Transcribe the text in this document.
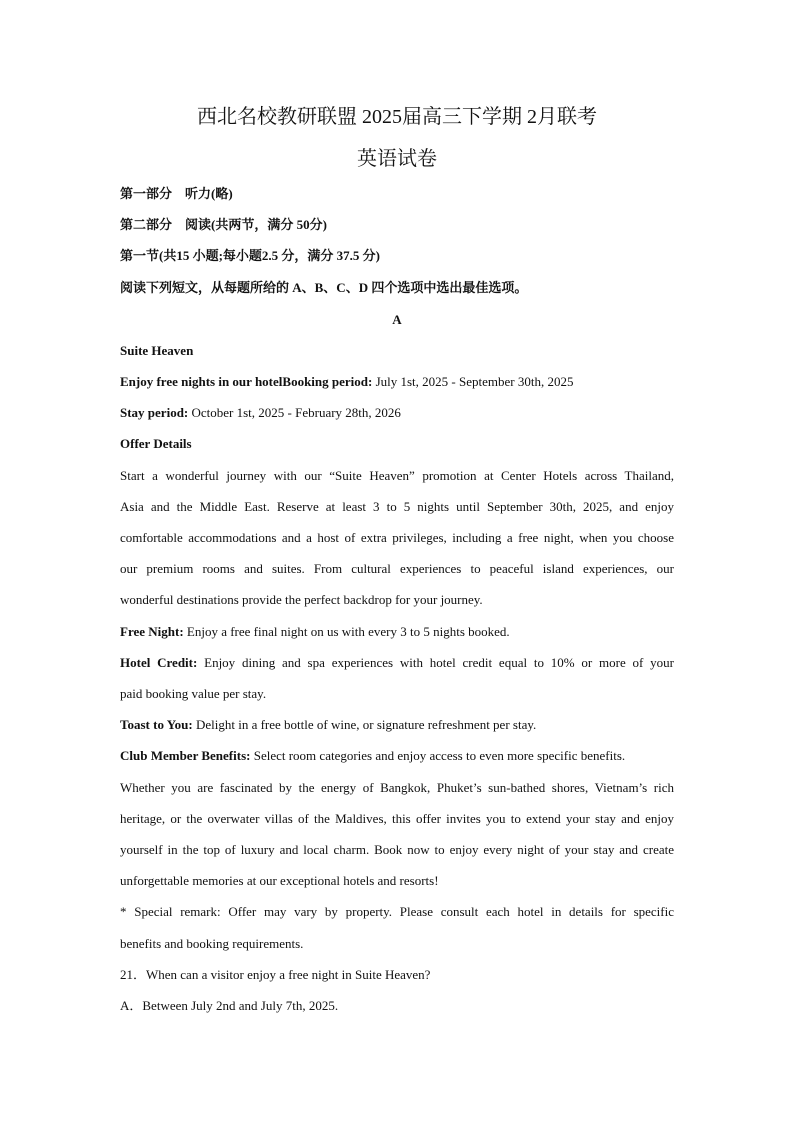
西北名校教研联盟 2025届高三下学期 2月联考
英语试卷
第一部分　听力(略)
第二部分　阅读(共两节，满分 50分)
第一节(共15 小题;每小题2.5 分，满分 37.5 分)
阅读下列短文，从每题所给的 A、B、C、D 四个选项中选出最佳选项。
A
Suite Heaven
Enjoy free nights in our hotelBooking period: July 1st, 2025 - September 30th, 2025
Stay period: October 1st, 2025 - February 28th, 2026
Offer Details
Start a wonderful journey with our “Suite Heaven” promotion at Center Hotels across Thailand,
Asia and the Middle East. Reserve at least 3 to 5 nights until September 30th, 2025, and enjoy
comfortable accommodations and a host of extra privileges, including a free night, when you choose
our premium rooms and suites. From cultural experiences to peaceful island experiences, our
wonderful destinations provide the perfect backdrop for your journey.
Free Night: Enjoy a free final night on us with every 3 to 5 nights booked.
Hotel Credit: Enjoy dining and spa experiences with hotel credit equal to 10% or more of your
paid booking value per stay.
Toast to You: Delight in a free bottle of wine, or signature refreshment per stay.
Club Member Benefits: Select room categories and enjoy access to even more specific benefits.
Whether you are fascinated by the energy of Bangkok, Phuket’s sun-bathed shores, Vietnam’s rich
heritage, or the overwater villas of the Maldives, this offer invites you to extend your stay and enjoy
yourself in the top of luxury and local charm. Book now to enjoy every night of your stay and create
unforgettable memories at our exceptional hotels and resorts!
* Special remark: Offer may vary by property. Please consult each hotel in details for specific
benefits and booking requirements.
21．When can a visitor enjoy a free night in Suite Heaven?
A．Between July 2nd and July 7th, 2025.
